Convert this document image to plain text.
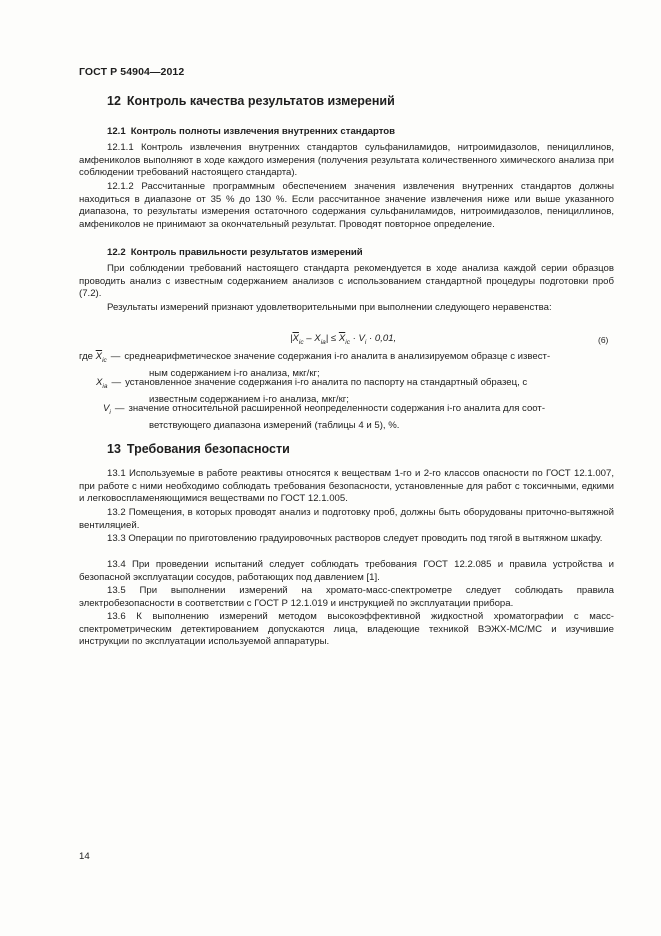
ГОСТ Р 54904—2012
12 Контроль качества результатов измерений
12.1 Контроль полноты извлечения внутренних стандартов
12.1.1 Контроль извлечения внутренних стандартов сульфаниламидов, нитроимидазолов, пенициллинов, амфениколов выполняют в ходе каждого измерения (получения результата количественного химического анализа при соблюдении требований настоящего стандарта).
12.1.2 Рассчитанные программным обеспечением значения извлечения внутренних стандартов должны находиться в диапазоне от 35 % до 130 %. Если рассчитанное значение извлечения ниже или выше указанного диапазона, то результаты измерения остаточного содержания сульфаниламидов, нитроимидазолов, пенициллинов, амфениколов не принимают за окончательный результат. Проводят повторное определение.
12.2 Контроль правильности результатов измерений
При соблюдении требований настоящего стандарта рекомендуется в ходе анализа каждой серии образцов проводить анализ с известным содержанием анализов с использованием стандартной процедуры подготовки проб (7.2).
Результаты измерений признают удовлетворительными при выполнении следующего неравенства:
$|\overline{X}_{ic} - X_{ia}| \le \overline{X}_{ic} \cdot V_i \cdot 0,01$,	(6)
где $\overline{X}_{ic}$ — среднеарифметическое значение содержания i-го аналита в анализируемом образце с извест-
ным содержанием i-го анализа, мкг/кг;
$X_{ia}$ — установленное значение содержания i-го аналита по паспорту на стандартный образец, с
известным содержанием i-го анализа, мкг/кг;
$V_i$ — значение относительной расширенной неопределенности содержания i-го аналита для соот-
ветствующего диапазона измерений (таблицы 4 и 5), %.
13 Требования безопасности
13.1 Используемые в работе реактивы относятся к веществам 1-го и 2-го классов опасности по ГОСТ 12.1.007, при работе с ними необходимо соблюдать требования безопасности, установленные для работ с токсичными, едкими и легковоспламеняющимися веществами по ГОСТ 12.1.005.
13.2 Помещения, в которых проводят анализ и подготовку проб, должны быть оборудованы приточно-вытяжной вентиляцией.
13.3 Операции по приготовлению градуировочных растворов следует проводить под тягой в вытяжном шкафу.
13.4 При проведении испытаний следует соблюдать требования ГОСТ 12.2.085 и правила устройства и безопасной эксплуатации сосудов, работающих под давлением [1].
13.5 При выполнении измерений на хромато-масс-спектрометре следует соблюдать правила электробезопасности в соответствии с ГОСТ Р 12.1.019 и инструкцией по эксплуатации прибора.
13.6 К выполнению измерений методом высокоэффективной жидкостной хроматографии с масс-спектрометрическим детектированием допускаются лица, владеющие техникой ВЭЖХ-МС/МС и изучившие инструкции по эксплуатации используемой аппаратуры.
14
